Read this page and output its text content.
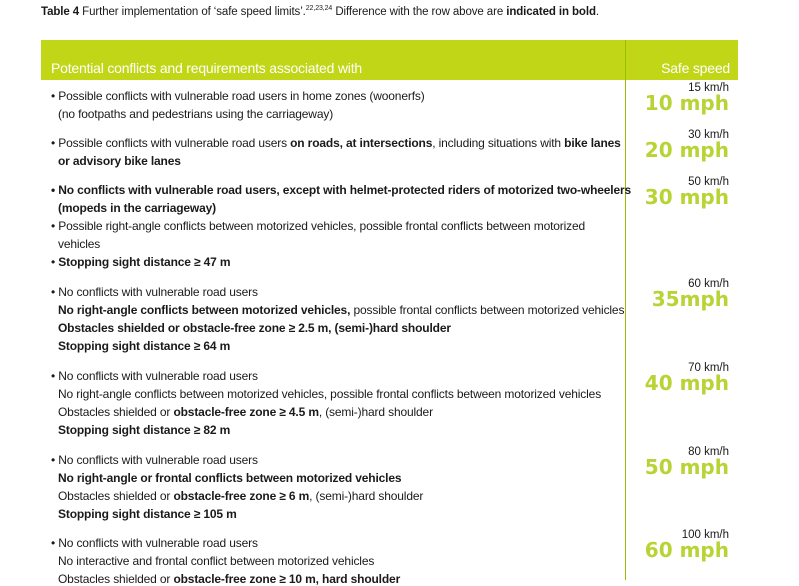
Table 4 Further implementation of ‘safe speed limits’.$^{22,23,24}$ Difference with the row above are indicated in bold.
Potential conflicts and requirements associated with	Safe speed
• Possible conflicts with vulnerable road users in home zones (woonerfs)
(no footpaths and pedestrians using the carriageway)
15 km/h
10 mph
• Possible conflicts with vulnerable road users on roads, at intersections, including situations with bike lanes
or advisory bike lanes
30 km/h
20 mph
• No conflicts with vulnerable road users, except with helmet-protected riders of motorized two-wheelers
(mopeds in the carriageway)
• Possible right-angle conflicts between motorized vehicles, possible frontal conflicts between motorized
vehicles
• Stopping sight distance ≥ 47 m
50 km/h
30 mph
• No conflicts with vulnerable road users
No right-angle conflicts between motorized vehicles, possible frontal conflicts between motorized vehicles
Obstacles shielded or obstacle-free zone ≥ 2.5 m, (semi-)hard shoulder
Stopping sight distance ≥ 64 m
60 km/h
35mph
• No conflicts with vulnerable road users
No right-angle conflicts between motorized vehicles, possible frontal conflicts between motorized vehicles
Obstacles shielded or obstacle-free zone ≥ 4.5 m, (semi-)hard shoulder
Stopping sight distance ≥ 82 m
70 km/h
40 mph
• No conflicts with vulnerable road users
No right-angle or frontal conflicts between motorized vehicles
Obstacles shielded or obstacle-free zone ≥ 6 m, (semi-)hard shoulder
Stopping sight distance ≥ 105 m
80 km/h
50 mph
• No conflicts with vulnerable road users
No interactive and frontal conflict between motorized vehicles
Obstacles shielded or obstacle-free zone ≥ 10 m, hard shoulder
100 km/h
60 mph
